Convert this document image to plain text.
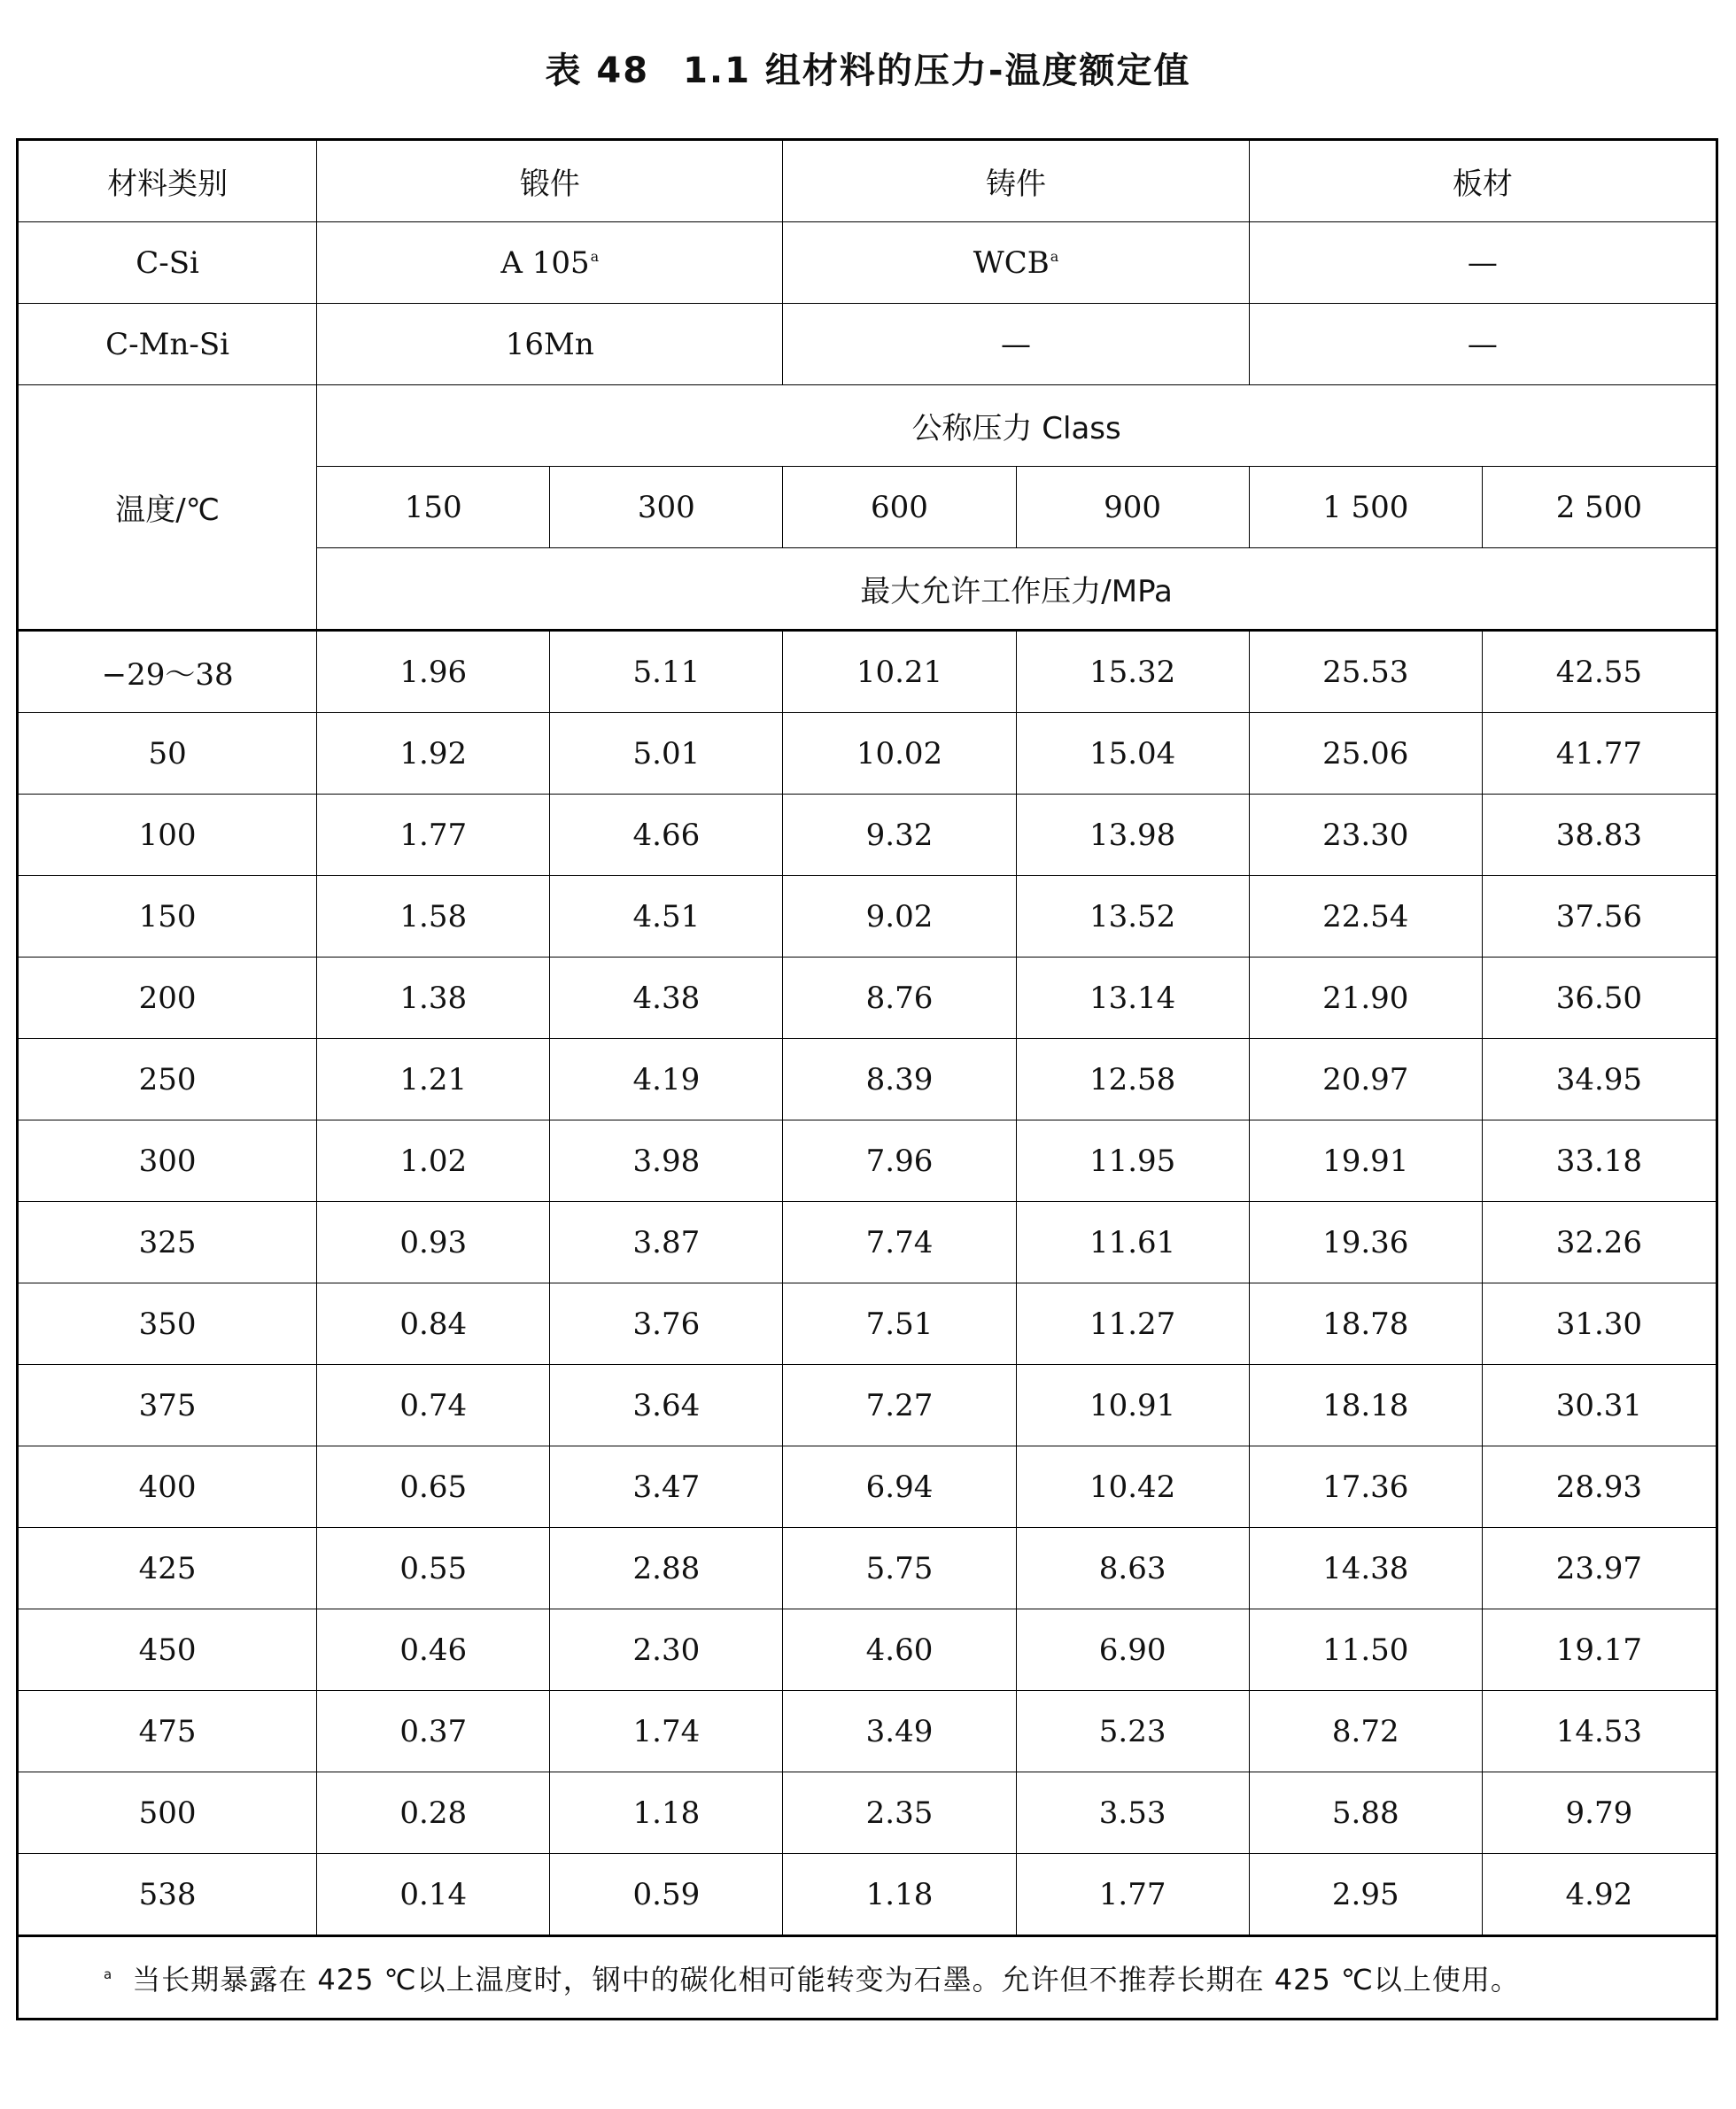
表 48 1.1 组材料的压力-温度额定值
材料类别	锻件		铸件		板材	
C-Si	A 105$^a$		WCB$^a$		—	
C-Mn-Si	16Mn		—		—	
温度/℃	公称压力 Class					
	150	300	600	900	1 500	2 500
	最大允许工作压力/MPa					
−29～38	1.96	5.11	10.21	15.32	25.53	42.55
50	1.92	5.01	10.02	15.04	25.06	41.77
100	1.77	4.66	9.32	13.98	23.30	38.83
150	1.58	4.51	9.02	13.52	22.54	37.56
200	1.38	4.38	8.76	13.14	21.90	36.50
250	1.21	4.19	8.39	12.58	20.97	34.95
300	1.02	3.98	7.96	11.95	19.91	33.18
325	0.93	3.87	7.74	11.61	19.36	32.26
350	0.84	3.76	7.51	11.27	18.78	31.30
375	0.74	3.64	7.27	10.91	18.18	30.31
400	0.65	3.47	6.94	10.42	17.36	28.93
425	0.55	2.88	5.75	8.63	14.38	23.97
450	0.46	2.30	4.60	6.90	11.50	19.17
475	0.37	1.74	3.49	5.23	8.72	14.53
500	0.28	1.18	2.35	3.53	5.88	9.79
538	0.14	0.59	1.18	1.77	2.95	4.92
$^a$ 当长期暴露在 425 ℃以上温度时，钢中的碳化相可能转变为石墨。允许但不推荐长期在 425 ℃以上使用。						
